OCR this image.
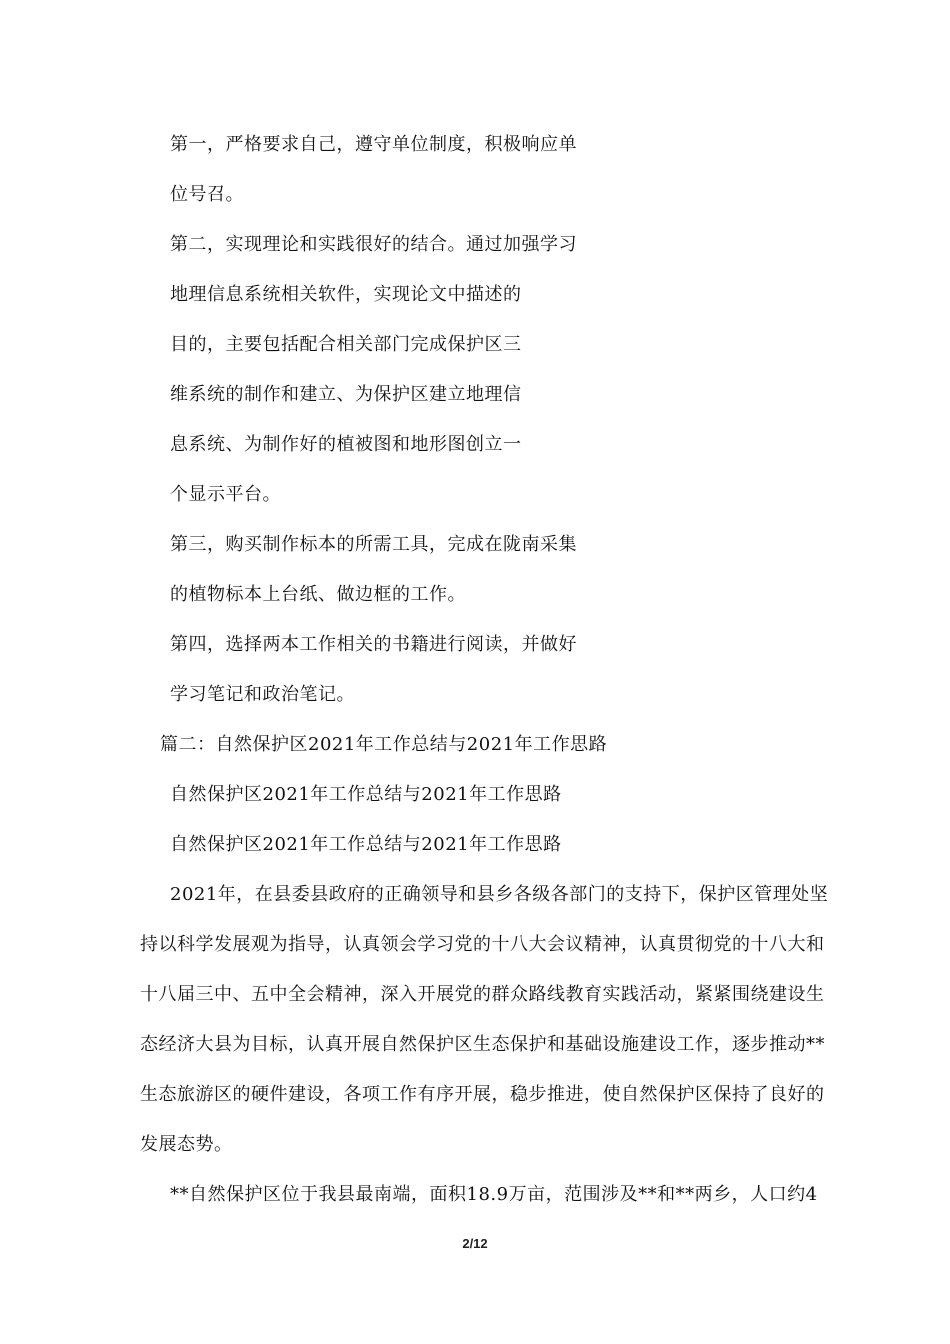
第一，严格要求自己，遵守单位制度，积极响应单
位号召。
第二，实现理论和实践很好的结合。通过加强学习
地理信息系统相关软件，实现论文中描述的
目的，主要包括配合相关部门完成保护区三
维系统的制作和建立、为保护区建立地理信
息系统、为制作好的植被图和地形图创立一
个显示平台。
第三，购买制作标本的所需工具，完成在陇南采集
的植物标本上台纸、做边框的工作。
第四，选择两本工作相关的书籍进行阅读，并做好
学习笔记和政治笔记。
篇二：自然保护区2021年工作总结与2021年工作思路
自然保护区2021年工作总结与2021年工作思路
自然保护区2021年工作总结与2021年工作思路
2021年，在县委县政府的正确领导和县乡各级各部门的支持下，保护区管理处坚
持以科学发展观为指导，认真领会学习党的十八大会议精神，认真贯彻党的十八大和
十八届三中、五中全会精神，深入开展党的群众路线教育实践活动，紧紧围绕建设生
态经济大县为目标，认真开展自然保护区生态保护和基础设施建设工作，逐步推动**
生态旅游区的硬件建设，各项工作有序开展，稳步推进，使自然保护区保持了良好的
发展态势。
**自然保护区位于我县最南端，面积18.9万亩，范围涉及**和**两乡，人口约4
2/12
